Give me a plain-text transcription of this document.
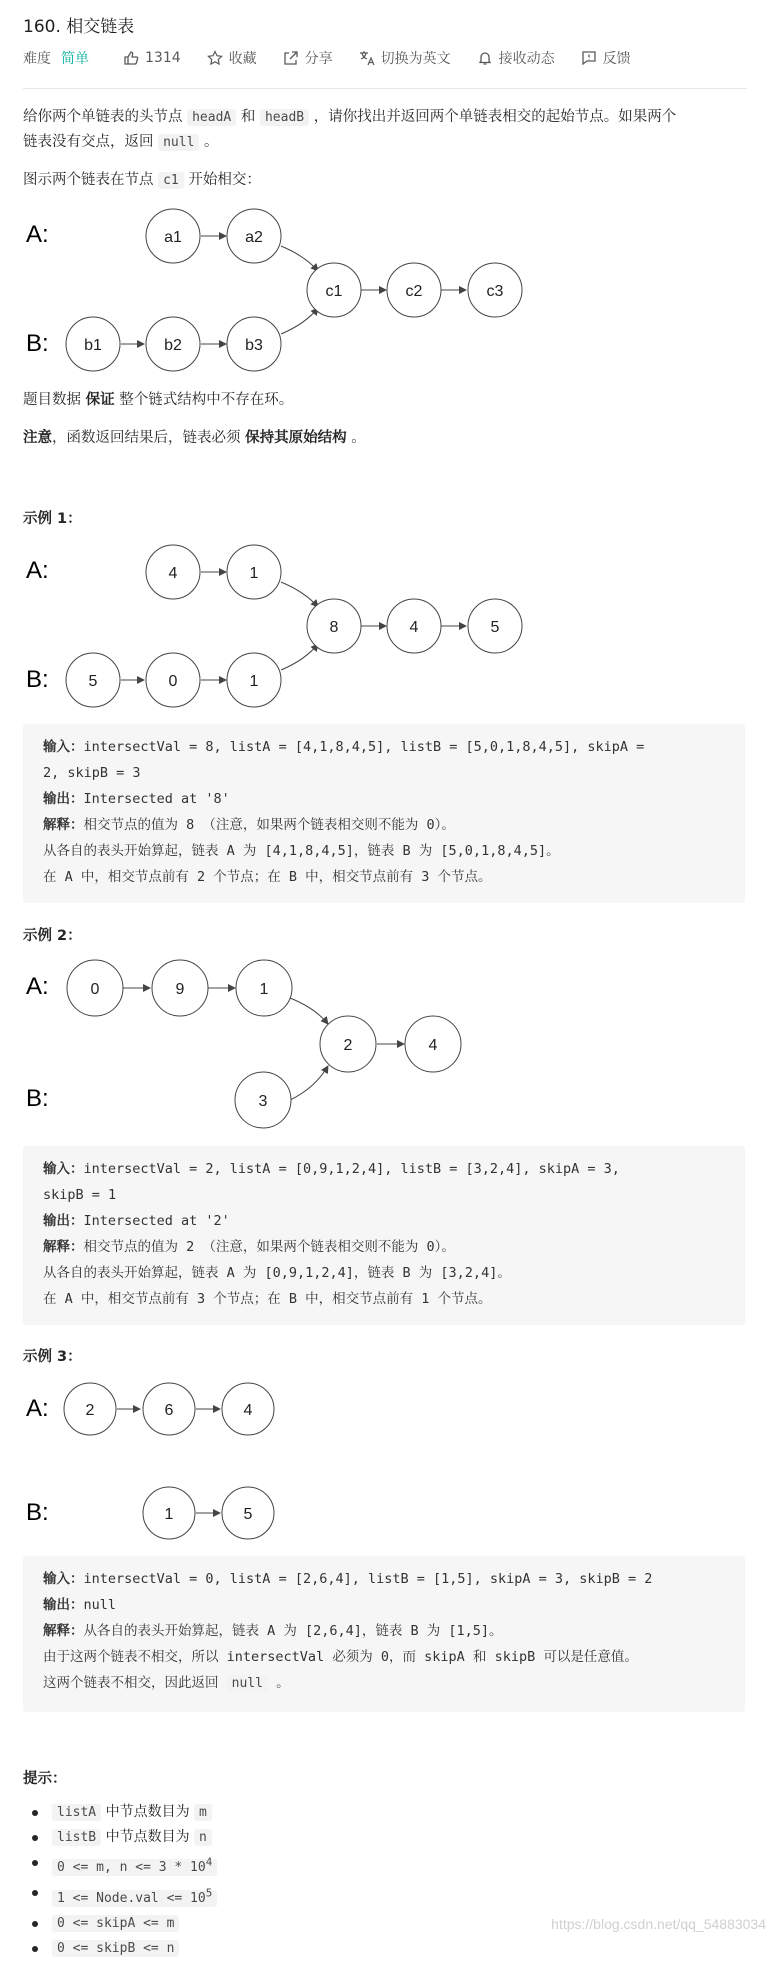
160. 相交链表
难度 简单	1314	收藏	分享	切换为英文	接收动态	反馈
给你两个单链表的头节点 headA 和 headB ，请你找出并返回两个单链表相交的起始节点。如果两个
链表没有交点，返回 null 。
图示两个链表在节点 c1 开始相交：
A:
B:
a1	a2
b1	b2	b3
c1	c2	c3
题目数据 保证 整个链式结构中不存在环。
注意，函数返回结果后，链表必须 保持其原始结构 。
示例 1：
A:
B:
4	1
5	0	1
8	4	5
输入：intersectVal = 8, listA = [4,1,8,4,5], listB = [5,0,1,8,4,5], skipA =
2, skipB = 3
输出：Intersected at '8'
解释：相交节点的值为 8 （注意，如果两个链表相交则不能为 0）。
从各自的表头开始算起，链表 A 为 [4,1,8,4,5]，链表 B 为 [5,0,1,8,4,5]。
在 A 中，相交节点前有 2 个节点；在 B 中，相交节点前有 3 个节点。
示例 2：
A:
B:
0	9	1
3
2	4
输入：intersectVal = 2, listA = [0,9,1,2,4], listB = [3,2,4], skipA = 3,
skipB = 1
输出：Intersected at '2'
解释：相交节点的值为 2 （注意，如果两个链表相交则不能为 0）。
从各自的表头开始算起，链表 A 为 [0,9,1,2,4]，链表 B 为 [3,2,4]。
在 A 中，相交节点前有 3 个节点；在 B 中，相交节点前有 1 个节点。
示例 3：
A:
B:
2	6	4
1	5
输入：intersectVal = 0, listA = [2,6,4], listB = [1,5], skipA = 3, skipB = 2
输出：null
解释：从各自的表头开始算起，链表 A 为 [2,6,4]，链表 B 为 [1,5]。
由于这两个链表不相交，所以 intersectVal 必须为 0，而 skipA 和 skipB 可以是任意值。
这两个链表不相交，因此返回 null 。
提示：
listA 中节点数目为 m
listB 中节点数目为 n
0 <= m, $n <= 3 * 10^4$
1 <= Node.val <= $10^5$
0 <= skipA <= m
0 <= skipB <= n
https://blog.csdn.net/qq_54883034
